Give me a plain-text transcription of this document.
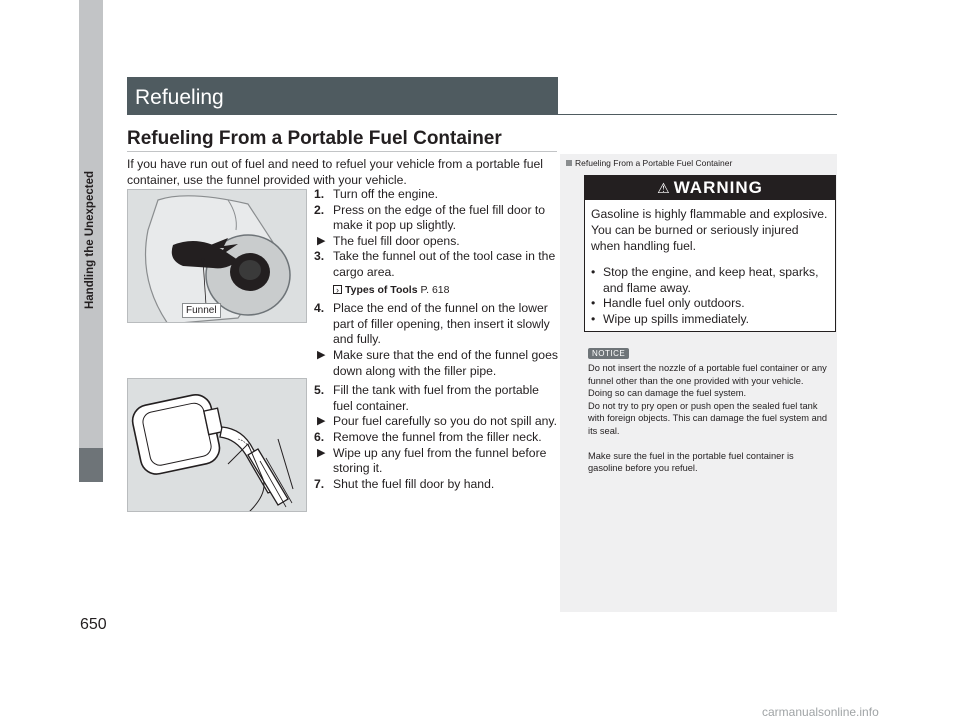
Handling the Unexpected
650
Refueling
Refueling From a Portable Fuel Container
If you have run out of fuel and need to refuel your vehicle from a portable fuel container, use the funnel provided with your vehicle.
Funnel
1. Turn off the engine.
2. Press on the edge of the fuel fill door to make it pop up slightly.
▶ The fuel fill door opens.
3. Take the funnel out of the tool case in the cargo area.
› Types of Tools P. 618
4. Place the end of the funnel on the lower part of filler opening, then insert it slowly and fully.
▶ Make sure that the end of the funnel goes down along with the filler pipe.
5. Fill the tank with fuel from the portable fuel container.
▶ Pour fuel carefully so you do not spill any.
6. Remove the funnel from the filler neck.
▶ Wipe up any fuel from the funnel before storing it.
7. Shut the fuel fill door by hand.
Refueling From a Portable Fuel Container
⚠ WARNING
Gasoline is highly flammable and explosive. You can be burned or seriously injured when handling fuel.
• Stop the engine, and keep heat, sparks, and flame away.
• Handle fuel only outdoors.
• Wipe up spills immediately.
NOTICE

Do not insert the nozzle of a portable fuel container or any funnel other than the one provided with your vehicle. Doing so can damage the fuel system.

Do not try to pry open or push open the sealed fuel tank with foreign objects. This can damage the fuel system and its seal.

Make sure the fuel in the portable fuel container is gasoline before you refuel.

carmanualsonline.info
